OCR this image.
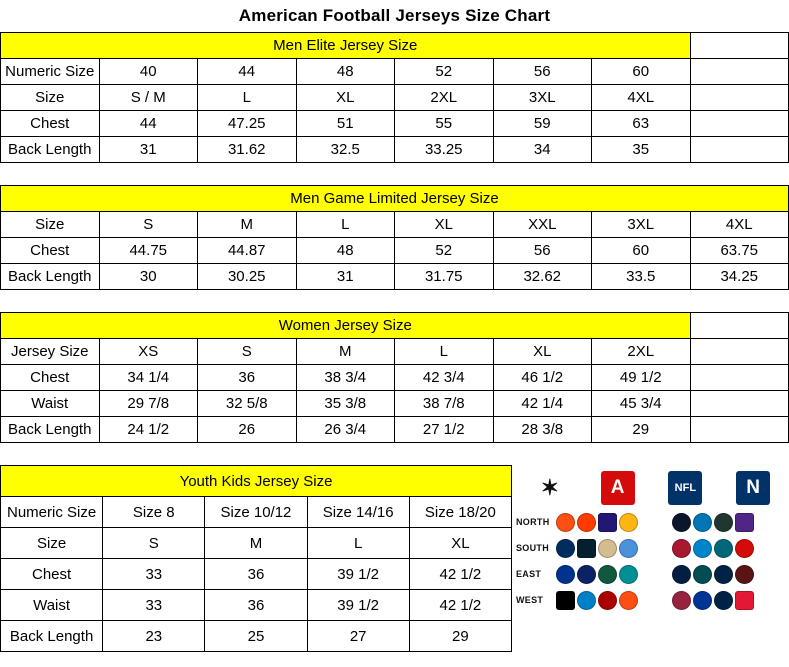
American Football Jerseys Size Chart
Men Elite Jersey Size							
Numeric Size	40	44	48	52	56	60	
Size	S / M	L	XL	2XL	3XL	4XL	
Chest	44	47.25	51	55	59	63	
Back Length	31	31.62	32.5	33.25	34	35	
Men Game Limited Jersey Size							
Size	S	M	L	XL	XXL	3XL	4XL
Chest	44.75	44.87	48	52	56	60	63.75
Back Length	30	30.25	31	31.75	32.62	33.5	34.25
Women Jersey Size							
Jersey Size	XS	S	M	L	XL	2XL	
Chest	34 1/4	36	38 3/4	42 3/4	46 1/2	49 1/2	
Waist	29 7/8	32 5/8	35 3/8	38 7/8	42 1/4	45 3/4	
Back Length	24 1/2	26	26 3/4	27 1/2	28 3/8	29	
Youth Kids Jersey Size				
Numeric Size	Size 8	Size 10/12	Size 14/16	Size 18/20
Size	S	M	L	XL
Chest	33	36	39 1/2	42 1/2
Waist	33	36	39 1/2	42 1/2
Back Length	23	25	27	29
✶	A	NFL	N
NORTH
SOUTH
EAST
WEST
